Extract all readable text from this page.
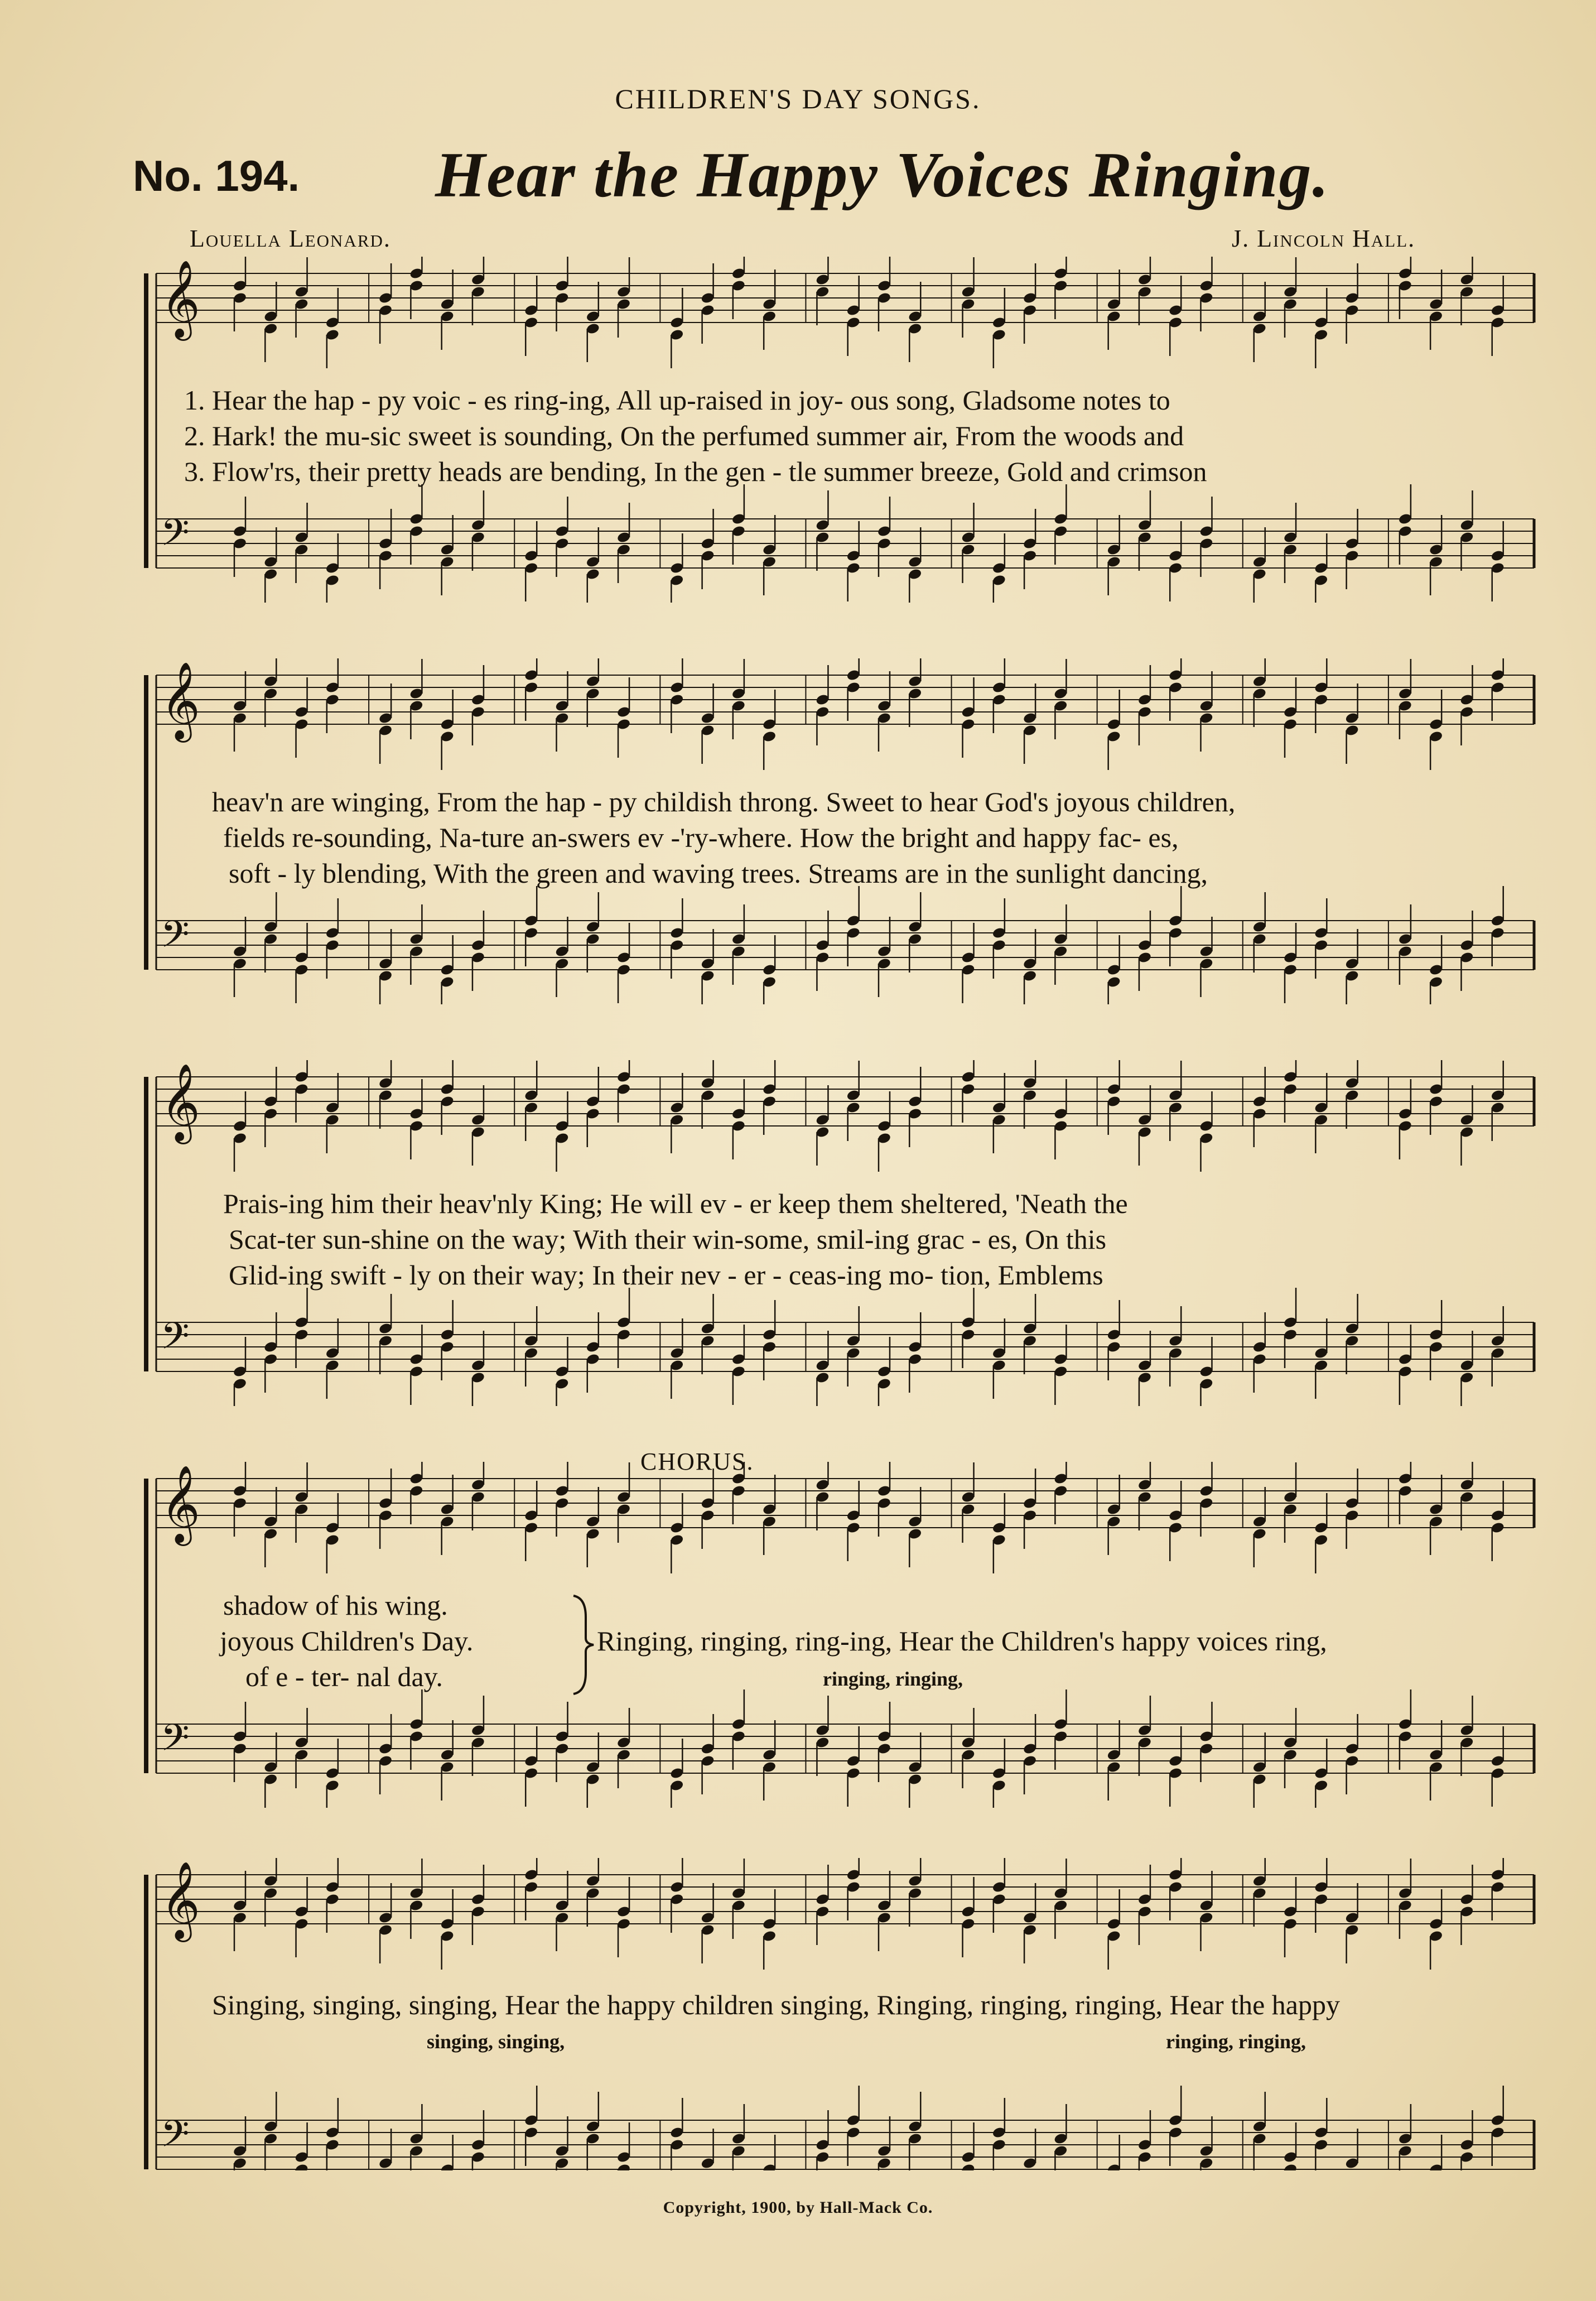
CHILDREN'S DAY SONGS.
No. 194. Hear the Happy Voices Ringing.
Louella Leonard.	J. Lincoln Hall.
𝄞
𝄢
1. Hear the hap - py voic - es ring-ing, All up-raised in joy- ous song, Gladsome notes to
2. Hark! the mu-sic sweet is sounding, On the perfumed summer air, From the woods and
3. Flow'rs, their pretty heads are bending, In the gen - tle summer breeze, Gold and crimson
𝄞
𝄢
heav'n are winging, From the hap - py childish throng. Sweet to hear God's joyous children,
fields re-sounding, Na-ture an-swers ev -'ry-where. How the bright and happy fac- es,
soft - ly blending, With the green and waving trees. Streams are in the sunlight dancing,
𝄞
𝄢
Prais-ing him their heav'nly King; He will ev - er keep them sheltered, 'Neath the
Scat-ter sun-shine on the way; With their win-some, smil-ing grac - es, On this
Glid-ing swift - ly on their way; In their nev - er - ceas-ing mo- tion, Emblems
CHORUS.
𝄞
𝄢
shadow of his wing.
joyous Children's Day.
of e - ter- nal day.
Ringing, ringing, ring-ing, Hear the Children's happy voices ring,
ringing, ringing,
𝄞
𝄢
Singing, singing, singing, Hear the happy children singing, Ringing, ringing, ringing, Hear the happy
singing, singing,	ringing, ringing,
Copyright, 1900, by Hall-Mack Co.
